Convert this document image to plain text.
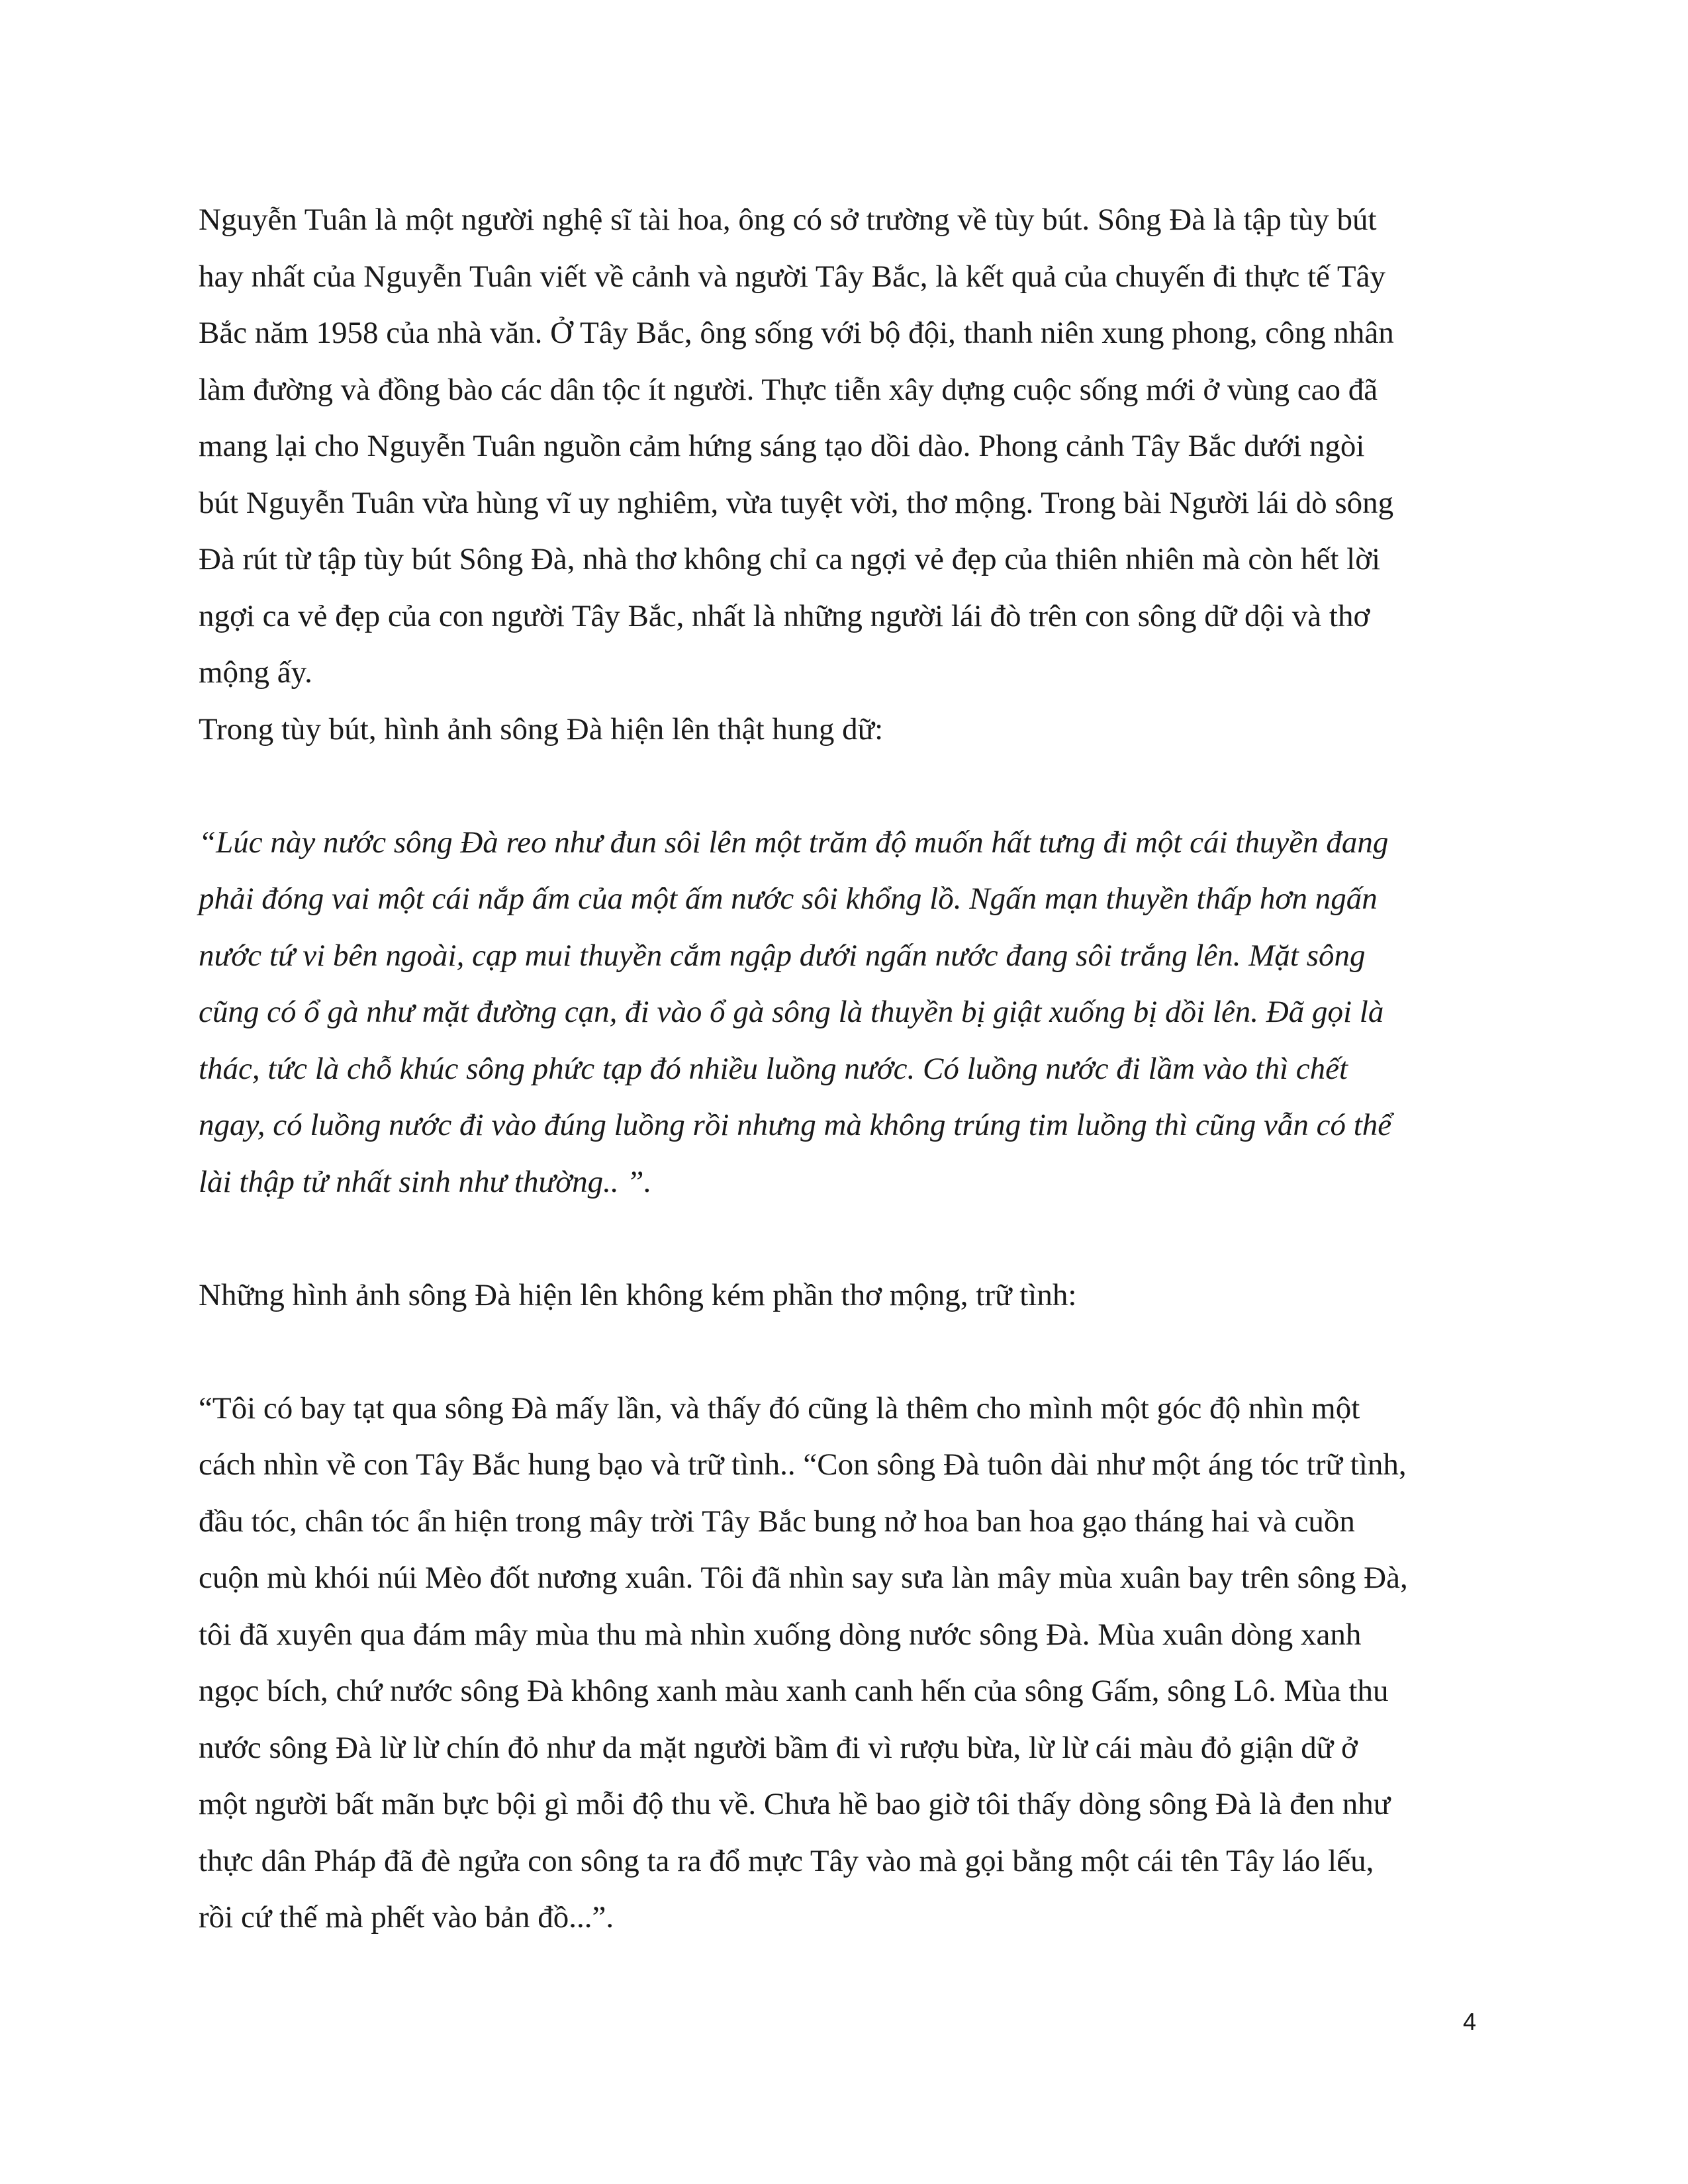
Nguyễn Tuân là một người nghệ sĩ tài hoa, ông có sở trường về tùy bút. Sông Đà là tập tùy bút
hay nhất của Nguyễn Tuân viết về cảnh và người Tây Bắc, là kết quả của chuyến đi thực tế Tây
Bắc năm 1958 của nhà văn. Ở Tây Bắc, ông sống với bộ đội, thanh niên xung phong, công nhân
làm đường và đồng bào các dân tộc ít người. Thực tiễn xây dựng cuộc sống mới ở vùng cao đã
mang lại cho Nguyễn Tuân nguồn cảm hứng sáng tạo dồi dào. Phong cảnh Tây Bắc dưới ngòi
bút Nguyễn Tuân vừa hùng vĩ uy nghiêm, vừa tuyệt vời, thơ mộng. Trong bài Người lái dò sông
Đà rút từ tập tùy bút Sông Đà, nhà thơ không chỉ ca ngợi vẻ đẹp của thiên nhiên mà còn hết lời
ngợi ca vẻ đẹp của con người Tây Bắc, nhất là những người lái đò trên con sông dữ dội và thơ
mộng ấy.
Trong tùy bút, hình ảnh sông Đà hiện lên thật hung dữ:
“Lúc này nước sông Đà reo như đun sôi lên một trăm độ muốn hất tưng đi một cái thuyền đang
phải đóng vai một cái nắp ấm của một ấm nước sôi khổng lồ. Ngấn mạn thuyền thấp hơn ngấn
nước tứ vi bên ngoài, cạp mui thuyền cắm ngập dưới ngấn nước đang sôi trắng lên. Mặt sông
cũng có ổ gà như mặt đường cạn, đi vào ổ gà sông là thuyền bị giật xuống bị dồi lên. Đã gọi là
thác, tức là chỗ khúc sông phức tạp đó nhiều luồng nước. Có luồng nước đi lầm vào thì chết
ngay, có luồng nước đi vào đúng luồng rồi nhưng mà không trúng tim luồng thì cũng vẫn có thể
lài thập tử nhất sinh như thường.. ”.
Những hình ảnh sông Đà hiện lên không kém phần thơ mộng, trữ tình:
“Tôi có bay tạt qua sông Đà mấy lần, và thấy đó cũng là thêm cho mình một góc độ nhìn một
cách nhìn về con Tây Bắc hung bạo và trữ tình.. “Con sông Đà tuôn dài như một áng tóc trữ tình,
đầu tóc, chân tóc ẩn hiện trong mây trời Tây Bắc bung nở hoa ban hoa gạo tháng hai và cuồn
cuộn mù khói núi Mèo đốt nương xuân. Tôi đã nhìn say sưa làn mây mùa xuân bay trên sông Đà,
tôi đã xuyên qua đám mây mùa thu mà nhìn xuống dòng nước sông Đà. Mùa xuân dòng xanh
ngọc bích, chứ nước sông Đà không xanh màu xanh canh hến của sông Gấm, sông Lô. Mùa thu
nước sông Đà lừ lừ chín đỏ như da mặt người bầm đi vì rượu bừa, lừ lừ cái màu đỏ giận dữ ở
một người bất mãn bực bội gì mỗi độ thu về. Chưa hề bao giờ tôi thấy dòng sông Đà là đen như
thực dân Pháp đã đè ngửa con sông ta ra đổ mực Tây vào mà gọi bằng một cái tên Tây láo lếu,
rồi cứ thế mà phết vào bản đồ...”.
4
